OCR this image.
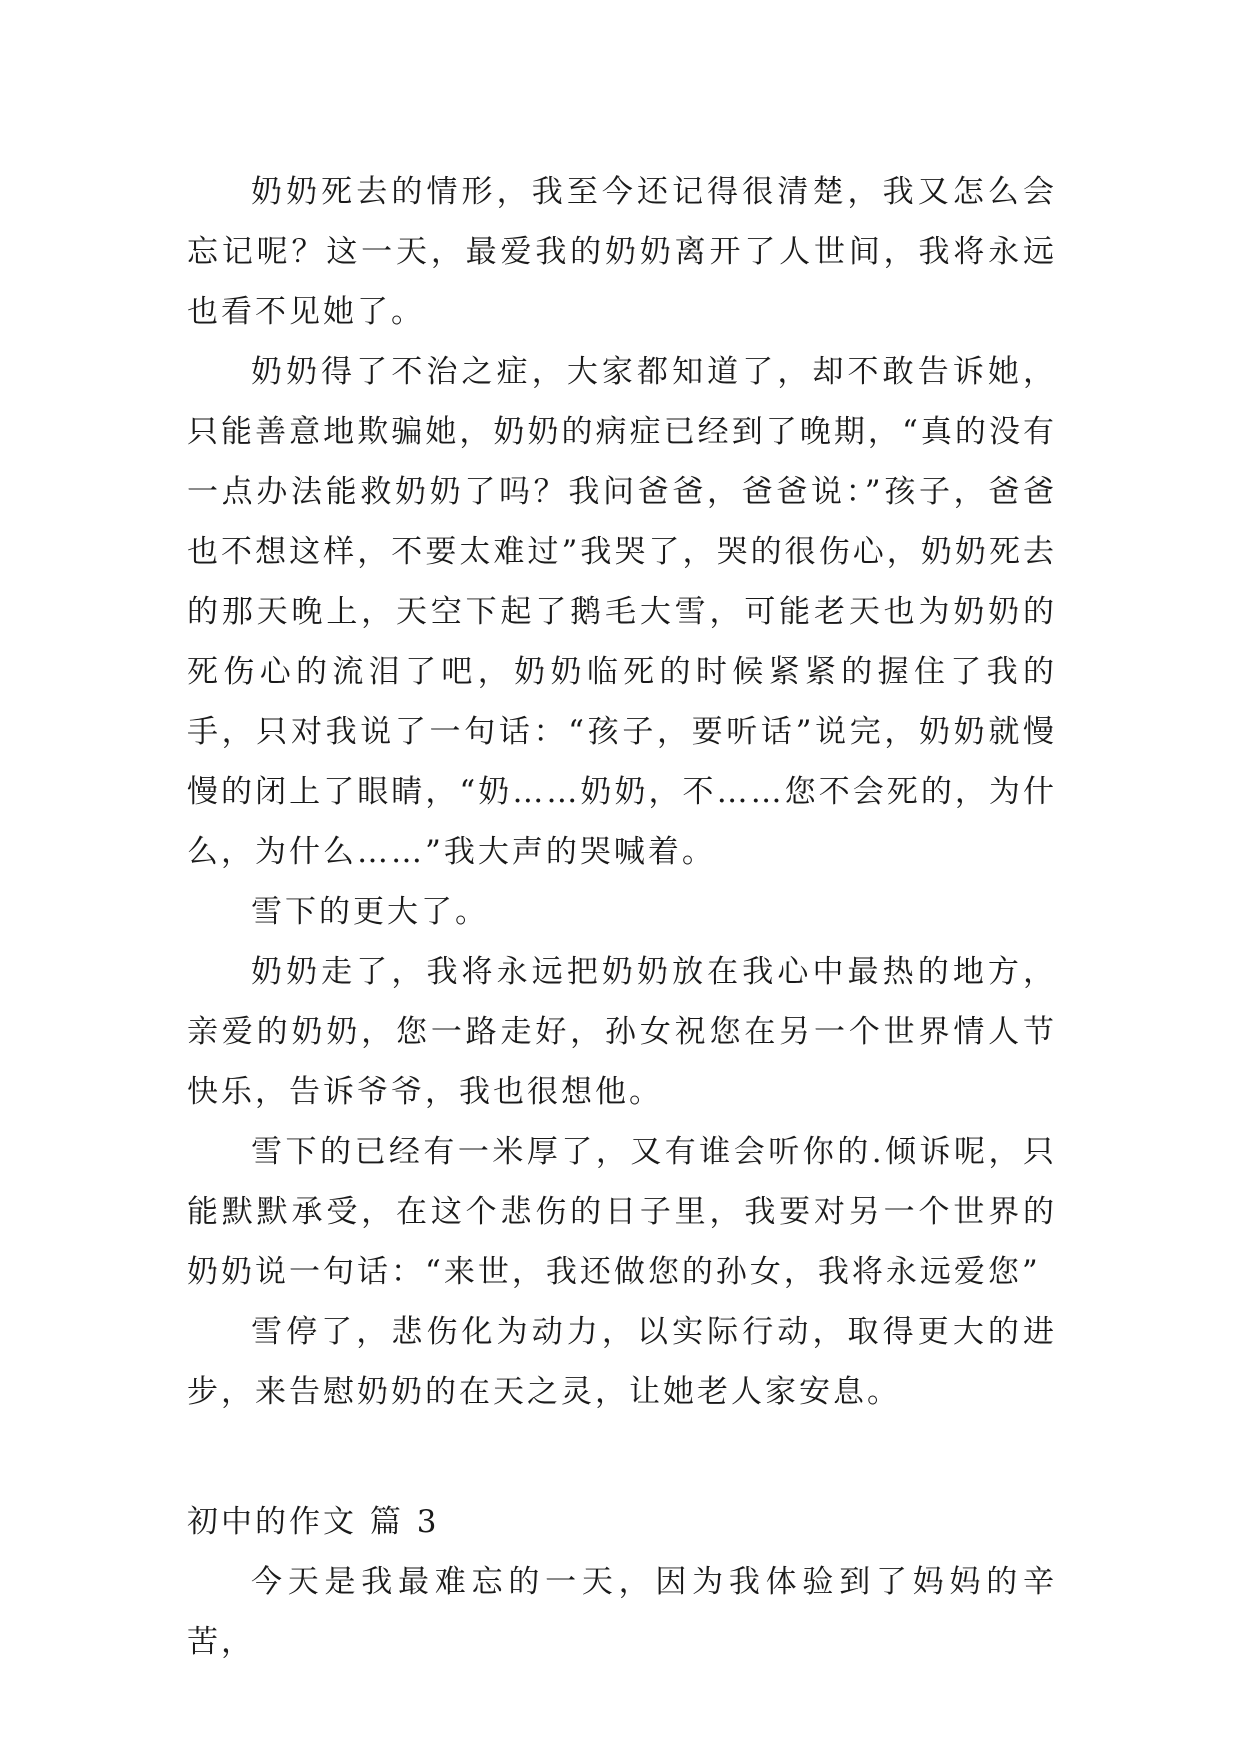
奶奶死去的情形，我至今还记得很清楚，我又怎么会忘记呢？这一天，最爱我的奶奶离开了人世间，我将永远也看不见她了。

奶奶得了不治之症，大家都知道了，却不敢告诉她，只能善意地欺骗她，奶奶的病症已经到了晚期，“真的没有一点办法能救奶奶了吗？我问爸爸，爸爸说：”孩子，爸爸也不想这样，不要太难过”我哭了，哭的很伤心，奶奶死去的那天晚上，天空下起了鹅毛大雪，可能老天也为奶奶的死伤心的流泪了吧，奶奶临死的时候紧紧的握住了我的手，只对我说了一句话：“孩子，要听话”说完，奶奶就慢慢的闭上了眼睛，“奶……奶奶，不……您不会死的，为什么，为什么……”我大声的哭喊着。

雪下的更大了。

奶奶走了，我将永远把奶奶放在我心中最热的地方，亲爱的奶奶，您一路走好，孙女祝您在另一个世界情人节快乐，告诉爷爷，我也很想他。

雪下的已经有一米厚了，又有谁会听你的.倾诉呢，只能默默承受，在这个悲伤的日子里，我要对另一个世界的奶奶说一句话：“来世，我还做您的孙女，我将永远爱您”

雪停了，悲伤化为动力，以实际行动，取得更大的进步，来告慰奶奶的在天之灵，让她老人家安息。

初中的作文 篇 3

今天是我最难忘的一天，因为我体验到了妈妈的辛苦，
